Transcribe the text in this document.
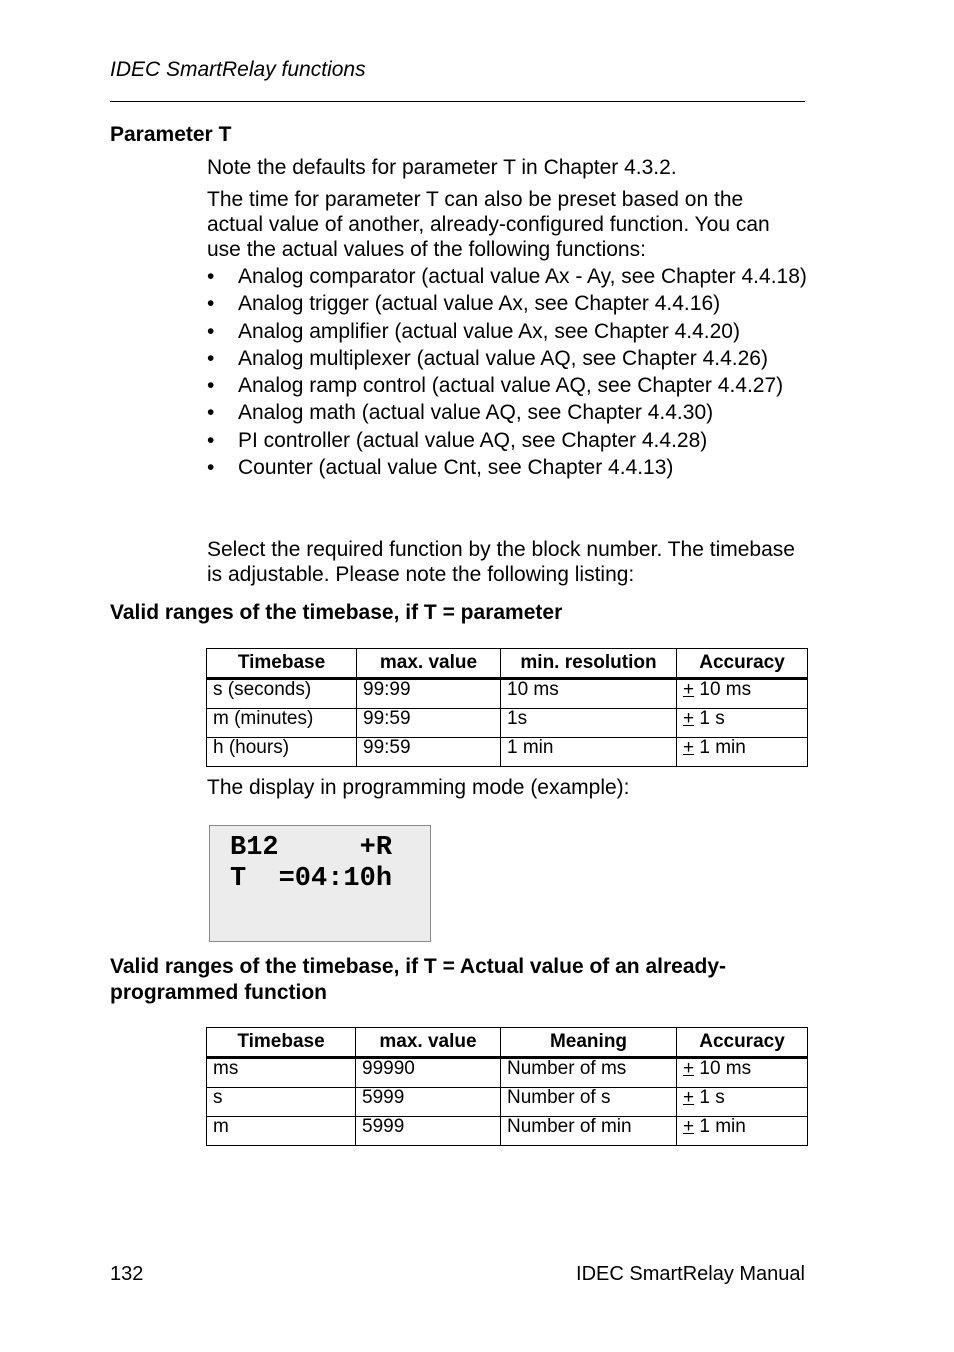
IDEC SmartRelay functions
Parameter T
Note the defaults for parameter T in Chapter 4.3.2.
The time for parameter T can also be preset based on the actual value of another, already-configured function. You can use the actual values of the following functions:
• Analog comparator (actual value Ax - Ay, see Chapter 4.4.18)
• Analog trigger (actual value Ax, see Chapter 4.4.16)
• Analog amplifier (actual value Ax, see Chapter 4.4.20)
• Analog multiplexer (actual value AQ, see Chapter 4.4.26)
• Analog ramp control (actual value AQ, see Chapter 4.4.27)
• Analog math (actual value AQ, see Chapter 4.4.30)
• PI controller (actual value AQ, see Chapter 4.4.28)
• Counter (actual value Cnt, see Chapter 4.4.13)
Select the required function by the block number. The timebase is adjustable. Please note the following listing:
Valid ranges of the timebase, if T = parameter
Timebase	max. value	min. resolution	Accuracy
s (seconds)	99:99	10 ms	+ 10 ms
m (minutes)	99:59	1s	+ 1 s
h (hours)	99:59	1 min	+ 1 min
The display in programming mode (example):
B12     +R
T  =04:10h
Valid ranges of the timebase, if T = Actual value of an already-programmed function
Timebase	max. value	Meaning	Accuracy
ms	99990	Number of ms	+ 10 ms
s	5999	Number of s	+ 1 s
m	5999	Number of min	+ 1 min
132	IDEC SmartRelay Manual
